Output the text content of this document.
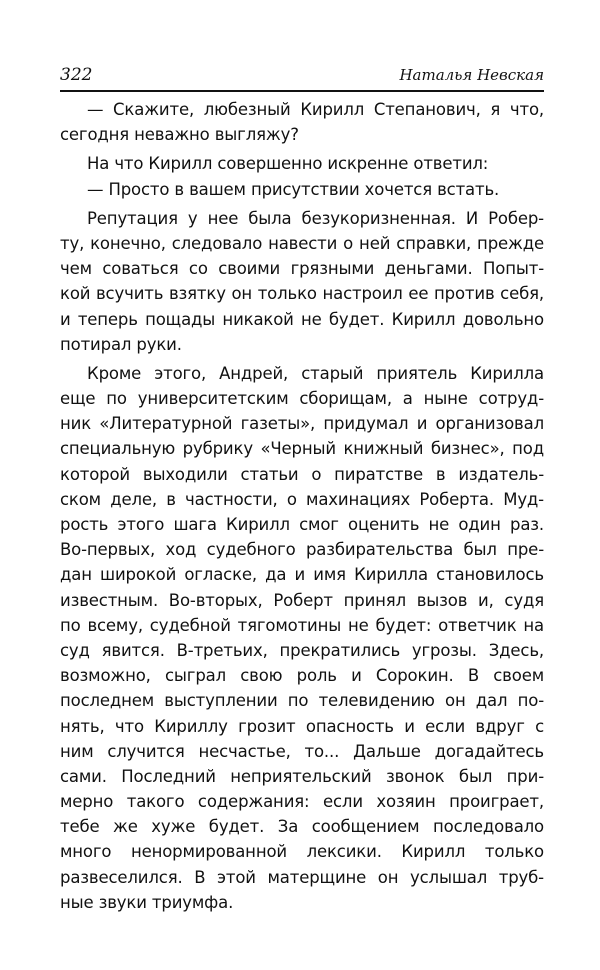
322	Наталья Невская
— Скажите, любезный Кирилл Степанович, я что,
сегодня неважно выгляжу?
На что Кирилл совершенно искренне ответил:
— Просто в вашем присутствии хочется встать.
Репутация у нее была безукоризненная. И Робер-
ту, конечно, следовало навести о ней справки, прежде
чем соваться со своими грязными деньгами. Попыт-
кой всучить взятку он только настроил ее против себя,
и теперь пощады никакой не будет. Кирилл довольно
потирал руки.
Кроме этого, Андрей, старый приятель Кирилла
еще по университетским сборищам, а ныне сотруд-
ник «Литературной газеты», придумал и организовал
специальную рубрику «Черный книжный бизнес», под
которой выходили статьи о пиратстве в издатель-
ском деле, в частности, о махинациях Роберта. Муд-
рость этого шага Кирилл смог оценить не один раз.
Во-первых, ход судебного разбирательства был пре-
дан широкой огласке, да и имя Кирилла становилось
известным. Во-вторых, Роберт принял вызов и, судя
по всему, судебной тягомотины не будет: ответчик на
суд явится. В-третьих, прекратились угрозы. Здесь,
возможно, сыграл свою роль и Сорокин. В своем
последнем выступлении по телевидению он дал по-
нять, что Кириллу грозит опасность и если вдруг с
ним случится несчастье, то... Дальше догадайтесь
сами. Последний неприятельский звонок был при-
мерно такого содержания: если хозяин проиграет,
тебе же хуже будет. За сообщением последовало
много ненормированной лексики. Кирилл только
развеселился. В этой матерщине он услышал труб-
ные звуки триумфа.
